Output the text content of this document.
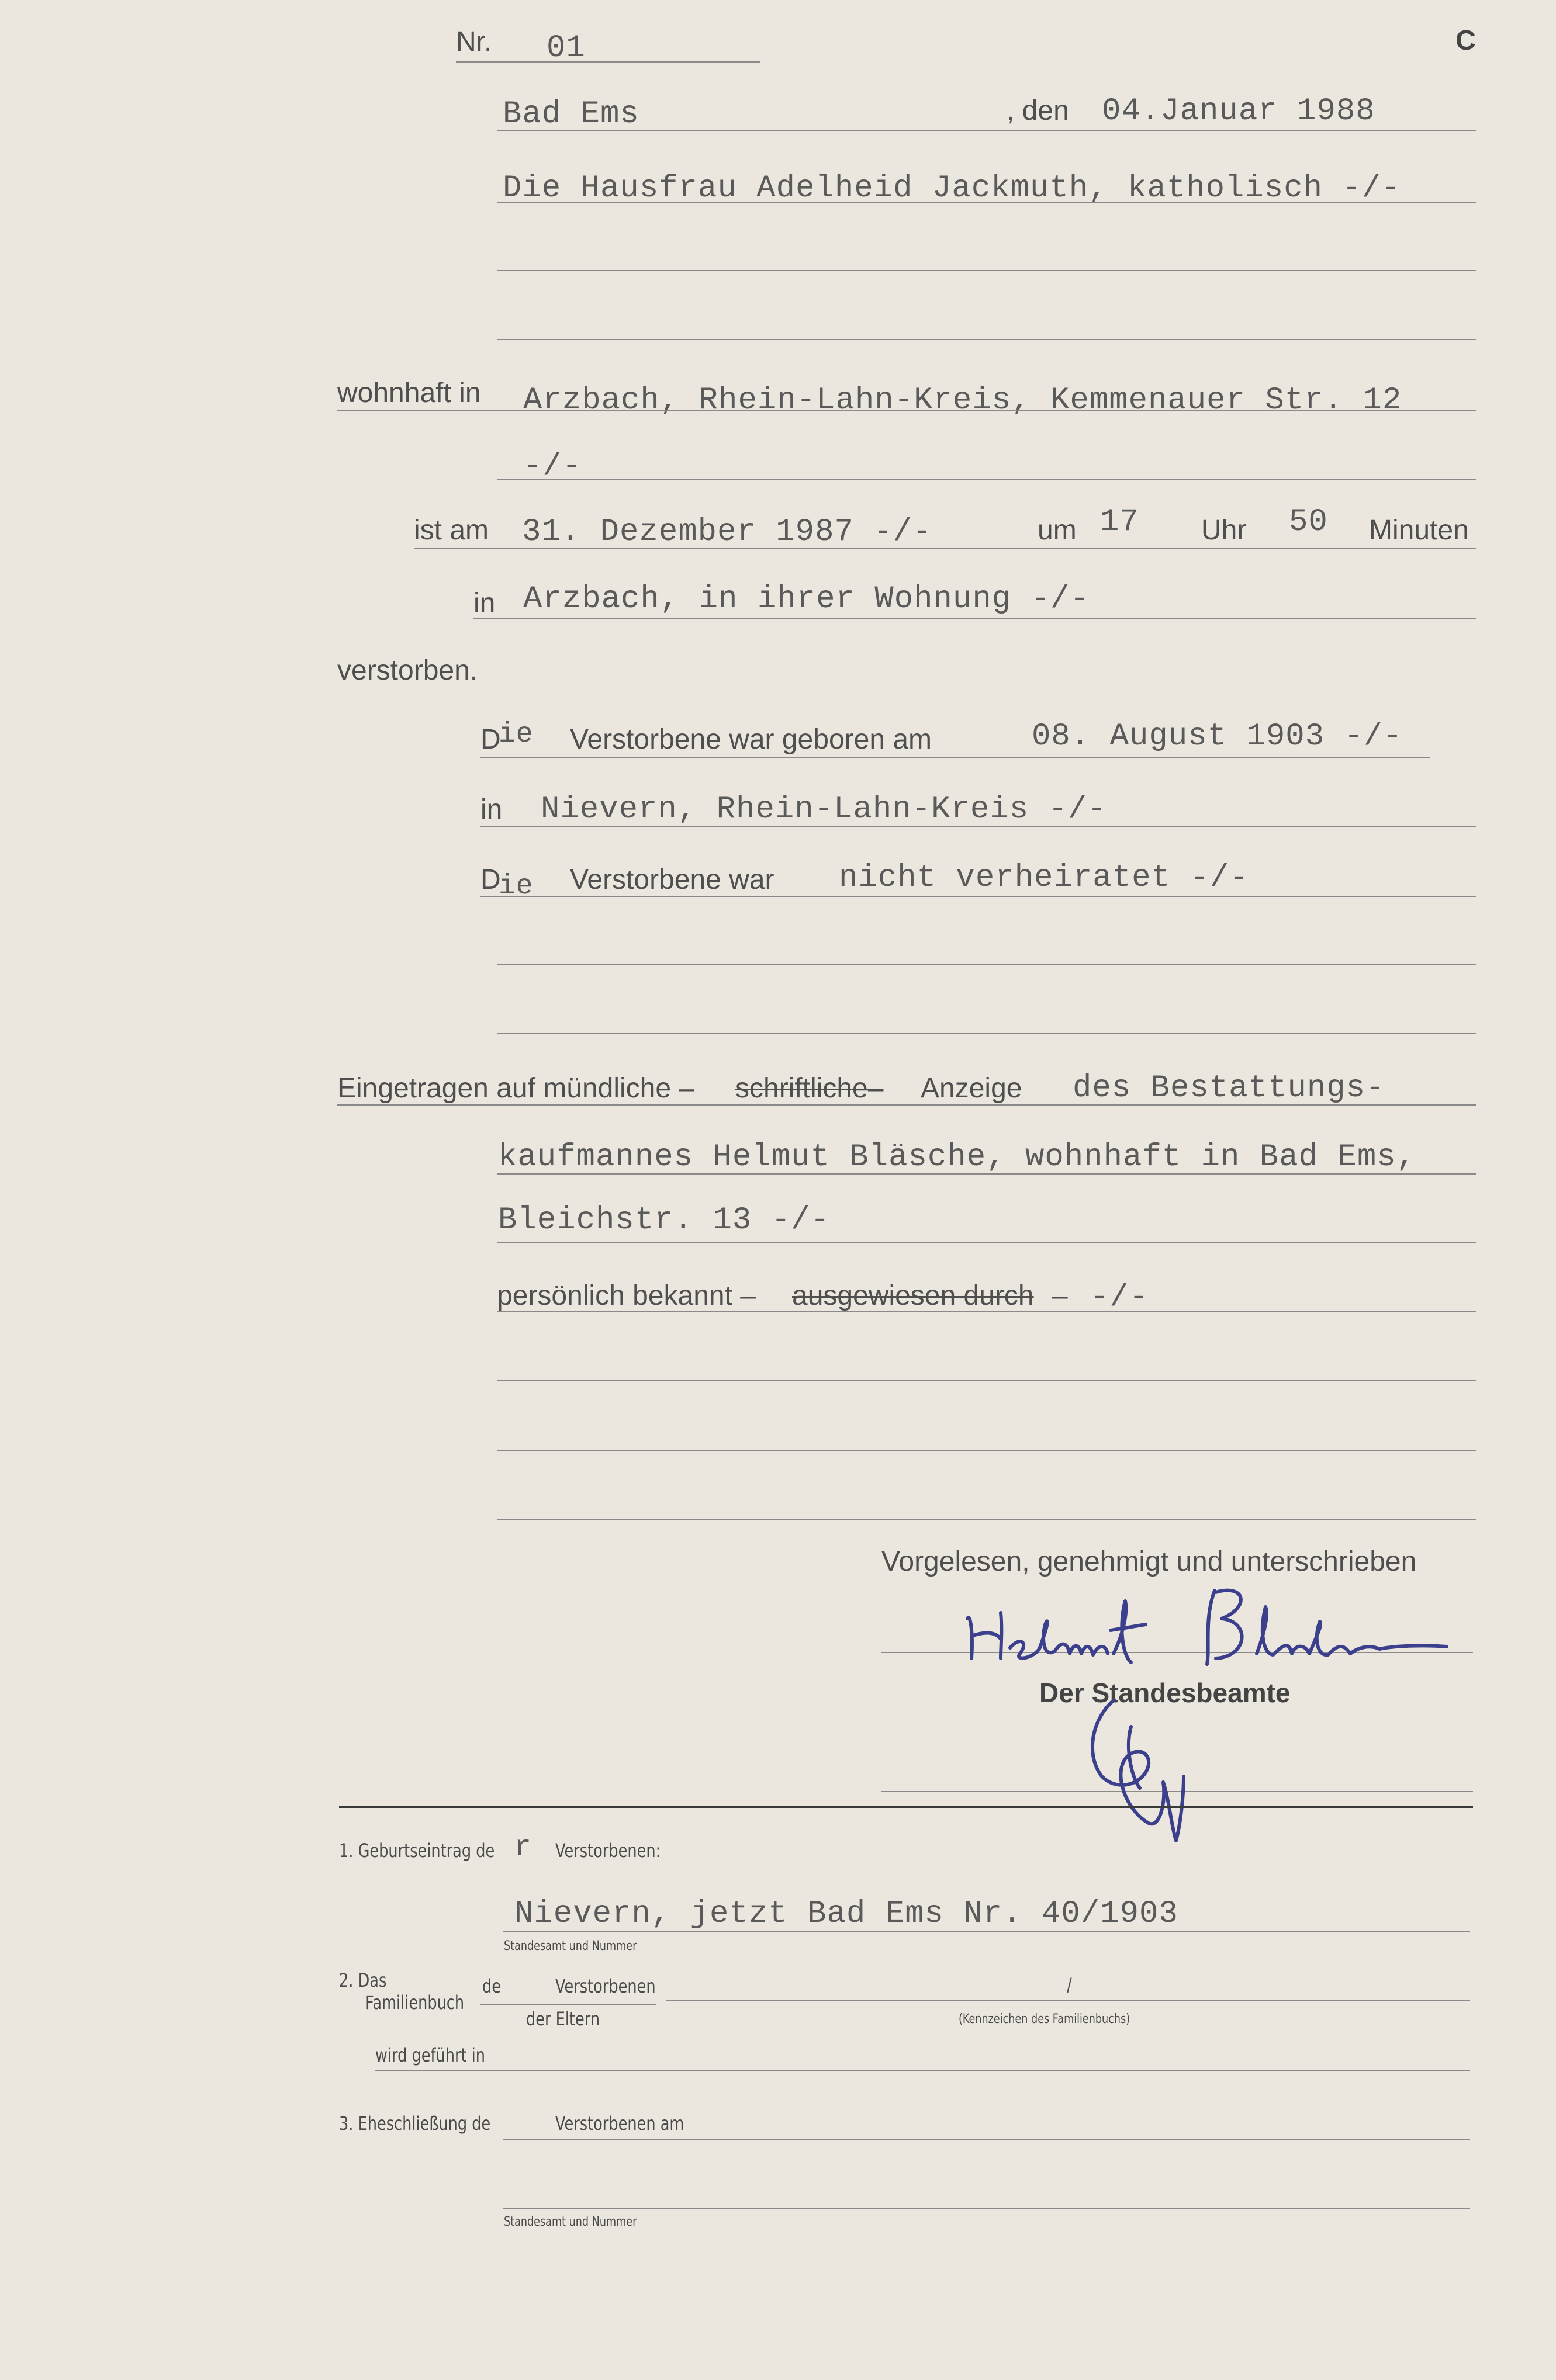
Nr. 01	C
Bad Ems	, den 04.Januar 1988
Die Hausfrau Adelheid Jackmuth, katholisch -/-
wohnhaft in Arzbach, Rhein-Lahn-Kreis, Kemmenauer Str. 12
-/-
ist am 31. Dezember 1987 -/-	um 17 Uhr 50 Minuten
in Arzbach, in ihrer Wohnung -/-
verstorben.
D
ie Verstorbene war geboren am	08. August 1903 -/-
in Nievern, Rhein-Lahn-Kreis -/-
D
ie Verstorbene war nicht verheiratet -/-
Eingetragen auf mündliche – schriftliche– Anzeige des Bestattungs-
kaufmannes Helmut Bläsche, wohnhaft in Bad Ems,
Bleichstr. 13 -/-
persönlich bekannt – ausgewiesen durch – -/-
Vorgelesen, genehmigt und unterschrieben
Der Standesbeamte
1. Geburtseintrag de r Verstorbenen:
Nievern, jetzt Bad Ems Nr. 40/1903
Standesamt und Nummer
2. Das
Familienbuch
de	Verstorbenen
der Eltern
/
(Kennzeichen des Familienbuchs)
wird geführt in
3. Eheschließung de	Verstorbenen am
Standesamt und Nummer
